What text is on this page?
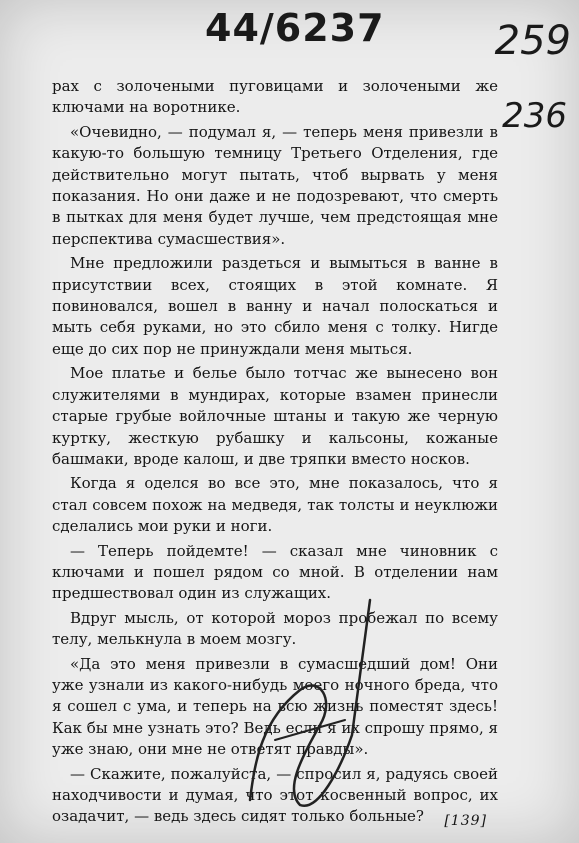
44/6237	259
236

рах с золочеными пуговицами и золочеными же ключами на воротнике.

«Очевидно, — подумал я, — теперь меня привезли в какую-то большую темницу Третьего Отделения, где действительно могут пытать, чтоб вырвать у меня показания. Но они даже и не подозревают, что смерть в пытках для меня будет лучше, чем предстоящая мне перспектива сумасшествия».

Мне предложили раздеться и вымыться в ванне в присутствии всех, стоящих в этой комнате. Я повиновался, вошел в ванну и начал полоскаться и мыть себя руками, но это сбило меня с толку. Нигде еще до сих пор не принуждали меня мыться.

Мое платье и белье было тотчас же вынесено вон служителями в мундирах, которые взамен принесли старые грубые войлочные штаны и такую же черную куртку, жесткую рубашку и кальсоны, кожаные башмаки, вроде калош, и две тряпки вместо носков.

Когда я оделся во все это, мне показалось, что я стал совсем похож на медведя, так толсты и неуклюжи сделались мои руки и ноги.

— Теперь пойдемте! — сказал мне чиновник с ключами и пошел рядом со мной. В отделении нам предшествовал один из служащих.

Вдруг мысль, от которой мороз пробежал по всему телу, мелькнула в моем мозгу.

«Да это меня привезли в сумасшедший дом! Они уже узнали из какого-нибудь моего ночного бреда, что я сошел с ума, и теперь на всю жизнь поместят здесь! Как бы мне узнать это? Ведь если я их спрошу прямо, я уже знаю, они мне не ответят правды».

— Скажите, пожалуйста, — спросил я, радуясь своей находчивости и думая, что этот косвенный вопрос, их озадачит, — ведь здесь сидят только больные?	[139]
